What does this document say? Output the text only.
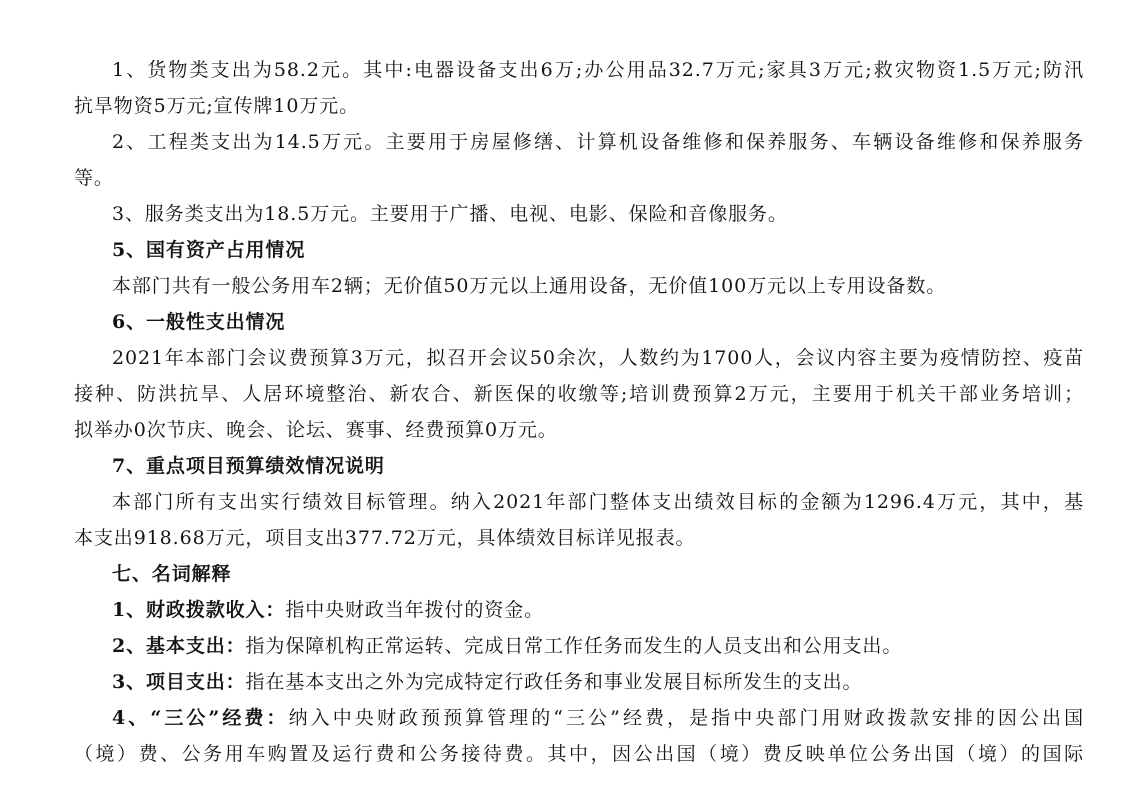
1、货物类支出为58.2元。其中:电器设备支出6万;办公用品32.7万元;家具3万元;救灾物资1.5万元;防汛
抗旱物资5万元;宣传牌10万元。
2、工程类支出为14.5万元。主要用于房屋修缮、计算机设备维修和保养服务、车辆设备维修和保养服务
等。
3、服务类支出为18.5万元。主要用于广播、电视、电影、保险和音像服务。
5、国有资产占用情况
本部门共有一般公务用车2辆；无价值50万元以上通用设备，无价值100万元以上专用设备数。
6、一般性支出情况
2021年本部门会议费预算3万元，拟召开会议50余次，人数约为1700人，会议内容主要为疫情防控、疫苗
接种、防洪抗旱、人居环境整治、新农合、新医保的收缴等;培训费预算2万元，主要用于机关干部业务培训；
拟举办0次节庆、晚会、论坛、赛事、经费预算0万元。
7、重点项目预算绩效情况说明
本部门所有支出实行绩效目标管理。纳入2021年部门整体支出绩效目标的金额为1296.4万元，其中，基
本支出918.68万元，项目支出377.72万元，具体绩效目标详见报表。
七、名词解释
1、财政拨款收入：指中央财政当年拨付的资金。
2、基本支出：指为保障机构正常运转、完成日常工作任务而发生的人员支出和公用支出。
3、项目支出：指在基本支出之外为完成特定行政任务和事业发展目标所发生的支出。
4、“三公”经费：纳入中央财政预预算管理的“三公”经费，是指中央部门用财政拨款安排的因公出国
（境）费、公务用车购置及运行费和公务接待费。其中，因公出国（境）费反映单位公务出国（境）的国际
